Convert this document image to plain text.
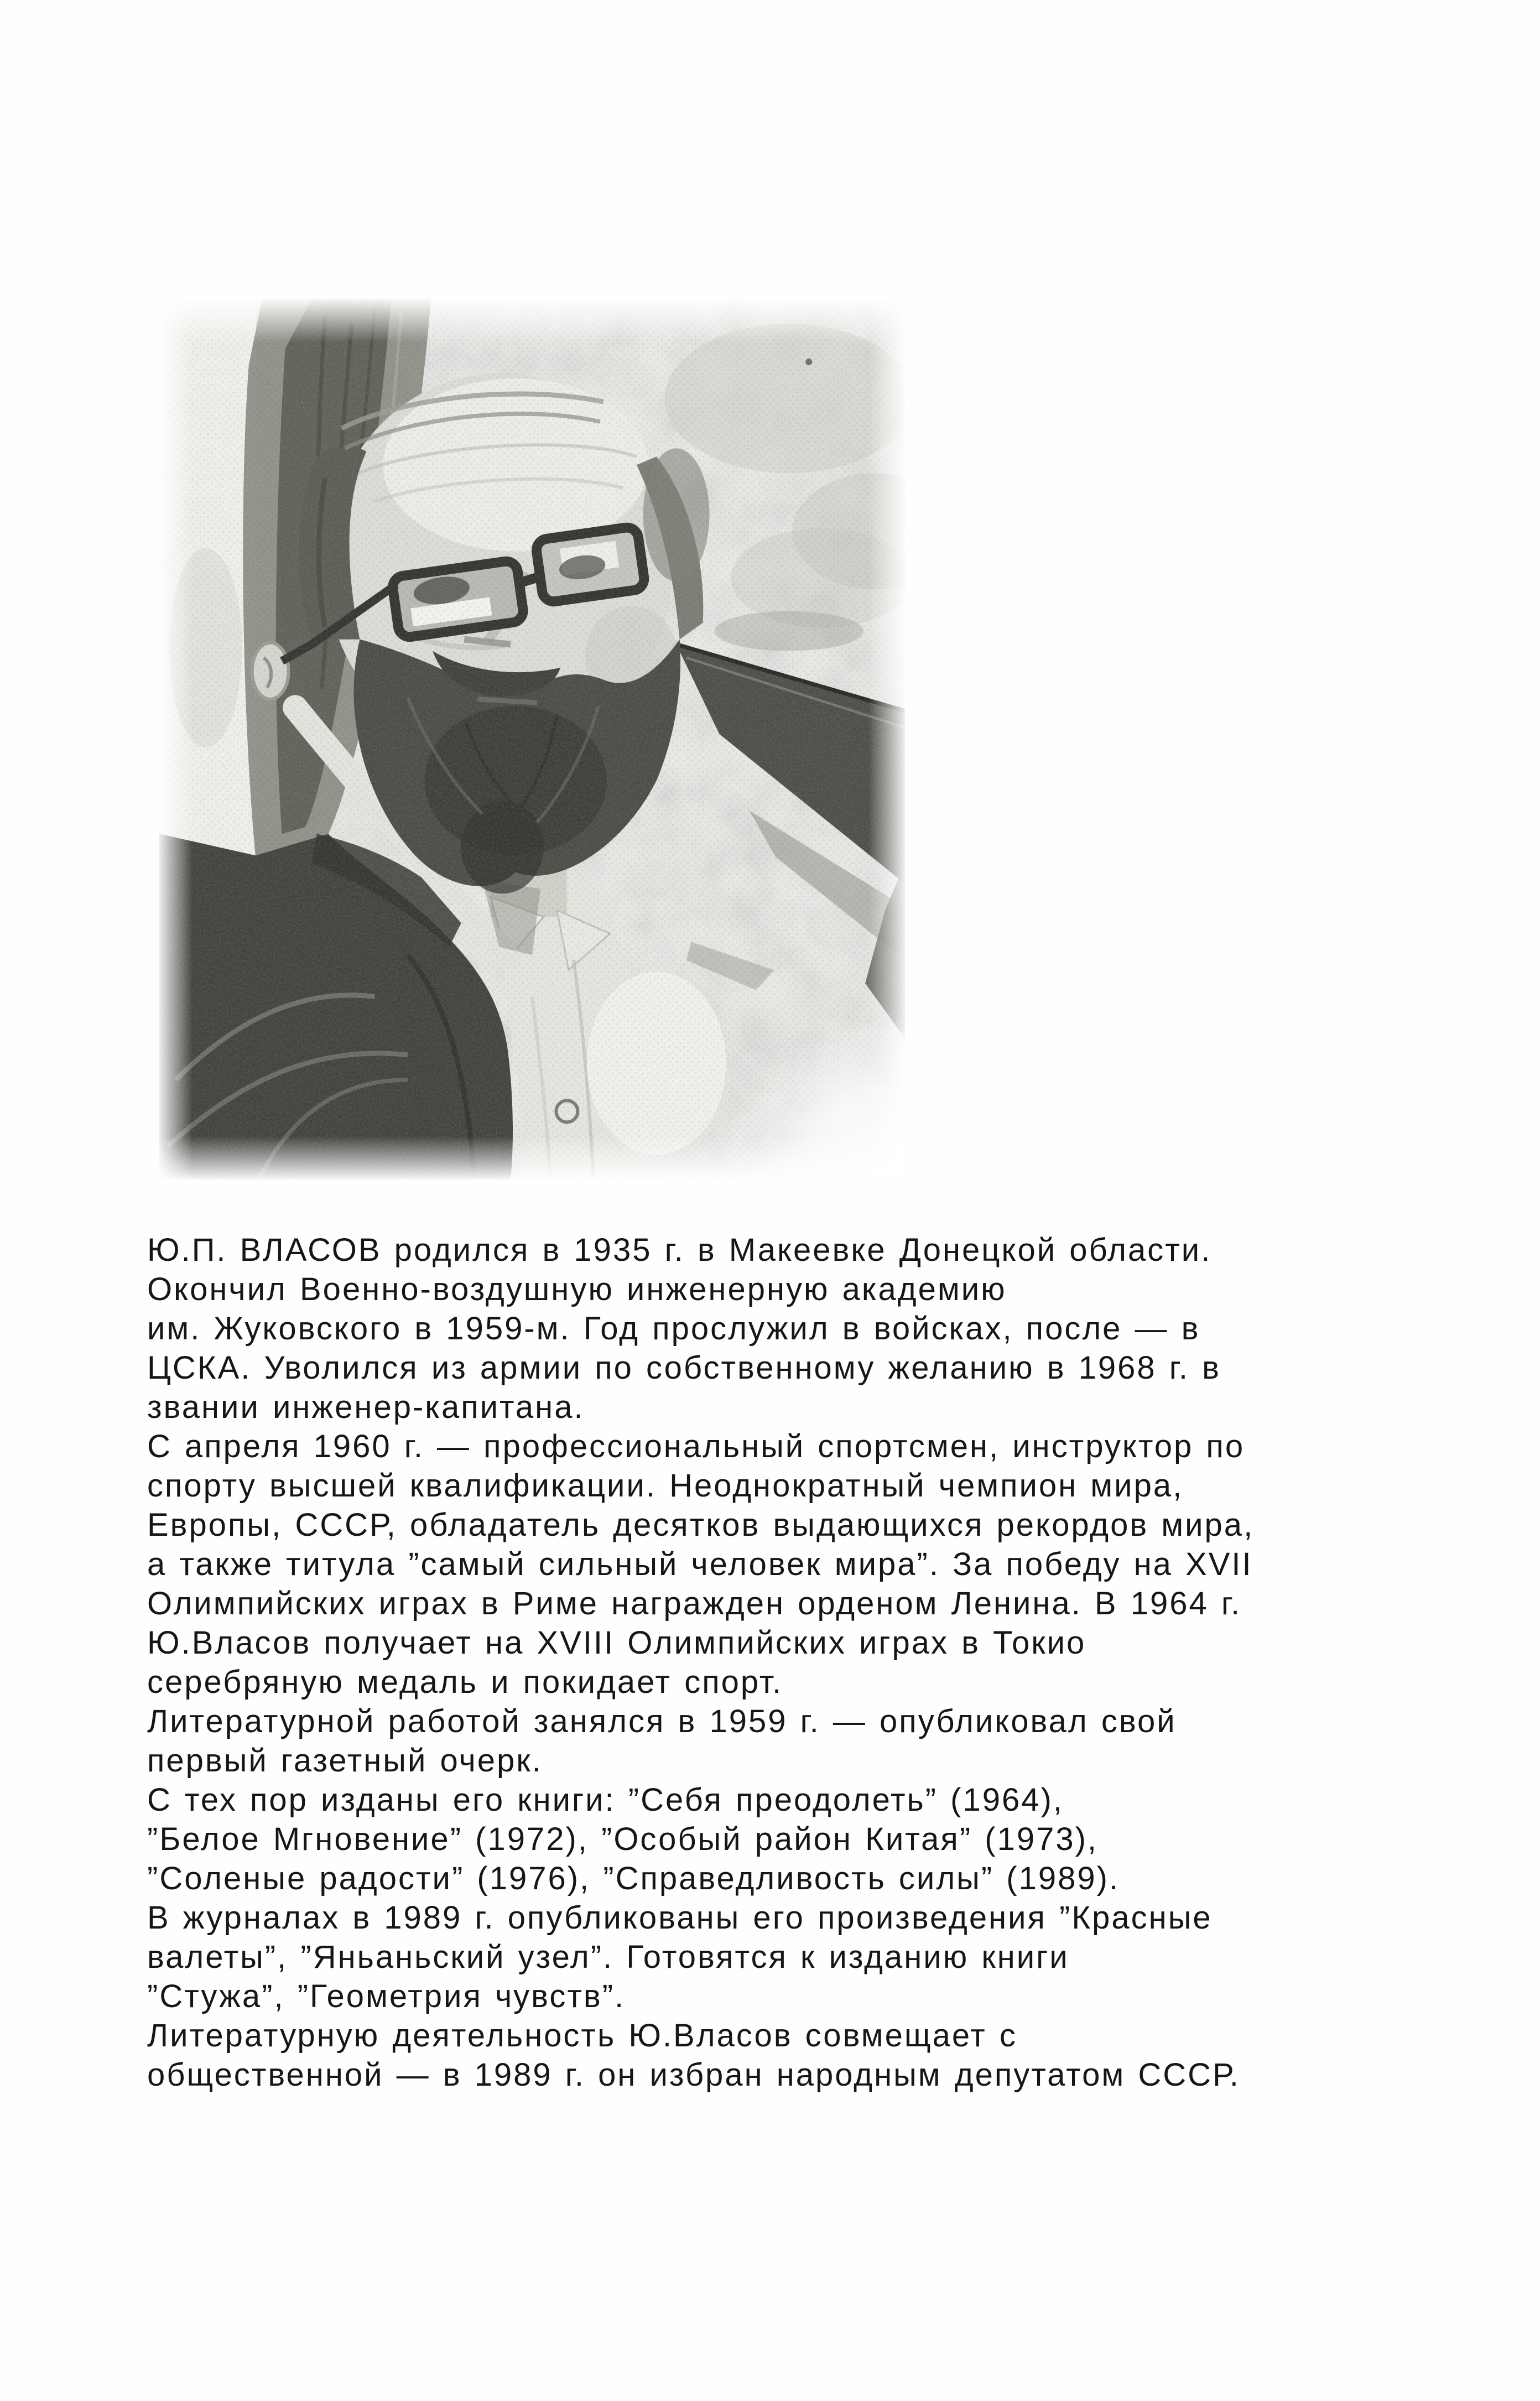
Ю.П. ВЛАСОВ родился в 1935 г. в Макеевке Донецкой области.

Окончил Военно-воздушную инженерную академию

им. Жуковского в 1959-м. Год прослужил в войсках, после — в

ЦСКА. Уволился из армии по собственному желанию в 1968 г. в

звании инженер-капитана.

С апреля 1960 г. — профессиональный спортсмен, инструктор по

спорту высшей квалификации. Неоднократный чемпион мира,

Европы, СССР, обладатель десятков выдающихся рекордов мира,

а также титула ”самый сильный человек мира”. За победу на XVII

Олимпийских играх в Риме награжден орденом Ленина. В 1964 г.

Ю.Власов получает на XVIII Олимпийских играх в Токио

серебряную медаль и покидает спорт.

Литературной работой занялся в 1959 г. — опубликовал свой

первый газетный очерк.

С тех пор изданы его книги: ”Себя преодолеть” (1964),

”Белое Мгновение” (1972), ”Особый район Китая” (1973),

”Соленые радости” (1976), ”Справедливость силы” (1989).

В журналах в 1989 г. опубликованы его произведения ”Красные

валеты”, ”Яньаньский узел”. Готовятся к изданию книги

”Стужа”, ”Геометрия чувств”.

Литературную деятельность Ю.Власов совмещает с

общественной — в 1989 г. он избран народным депутатом СССР.
